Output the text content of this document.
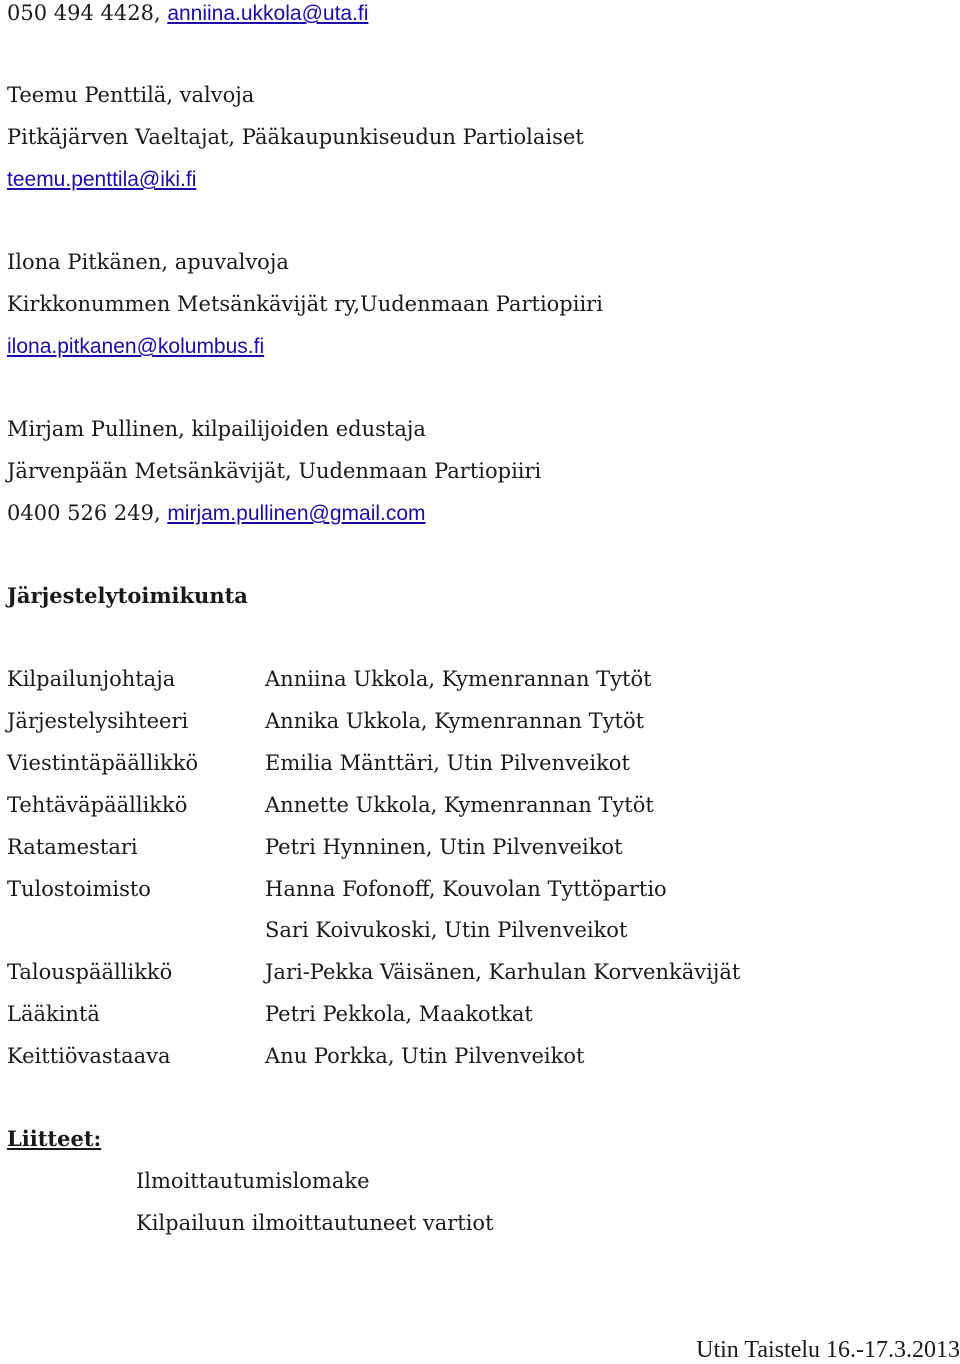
050 494 4428, anniina.ukkola@uta.fi
Teemu Penttilä, valvoja
Pitkäjärven Vaeltajat, Pääkaupunkiseudun Partiolaiset
teemu.penttila@iki.fi
Ilona Pitkänen, apuvalvoja
Kirkkonummen Metsänkävijät ry,Uudenmaan Partiopiiri
ilona.pitkanen@kolumbus.fi
Mirjam Pullinen, kilpailijoiden edustaja
Järvenpään Metsänkävijät, Uudenmaan Partiopiiri
0400 526 249, mirjam.pullinen@gmail.com
Järjestelytoimikunta
Kilpailunjohtaja	Anniina Ukkola, Kymenrannan Tytöt
Järjestelysihteeri	Annika Ukkola, Kymenrannan Tytöt
Viestintäpäällikkö	Emilia Mänttäri, Utin Pilvenveikot
Tehtäväpäällikkö	Annette Ukkola, Kymenrannan Tytöt
Ratamestari	Petri Hynninen, Utin Pilvenveikot
Tulostoimisto	Hanna Fofonoff, Kouvolan Tyttöpartio
Sari Koivukoski, Utin Pilvenveikot
Talouspäällikkö	Jari-Pekka Väisänen, Karhulan Korvenkävijät
Lääkintä	Petri Pekkola, Maakotkat
Keittiövastaava	Anu Porkka, Utin Pilvenveikot
Liitteet:
Ilmoittautumislomake
Kilpailuun ilmoittautuneet vartiot
Utin Taistelu 16.-17.3.2013
